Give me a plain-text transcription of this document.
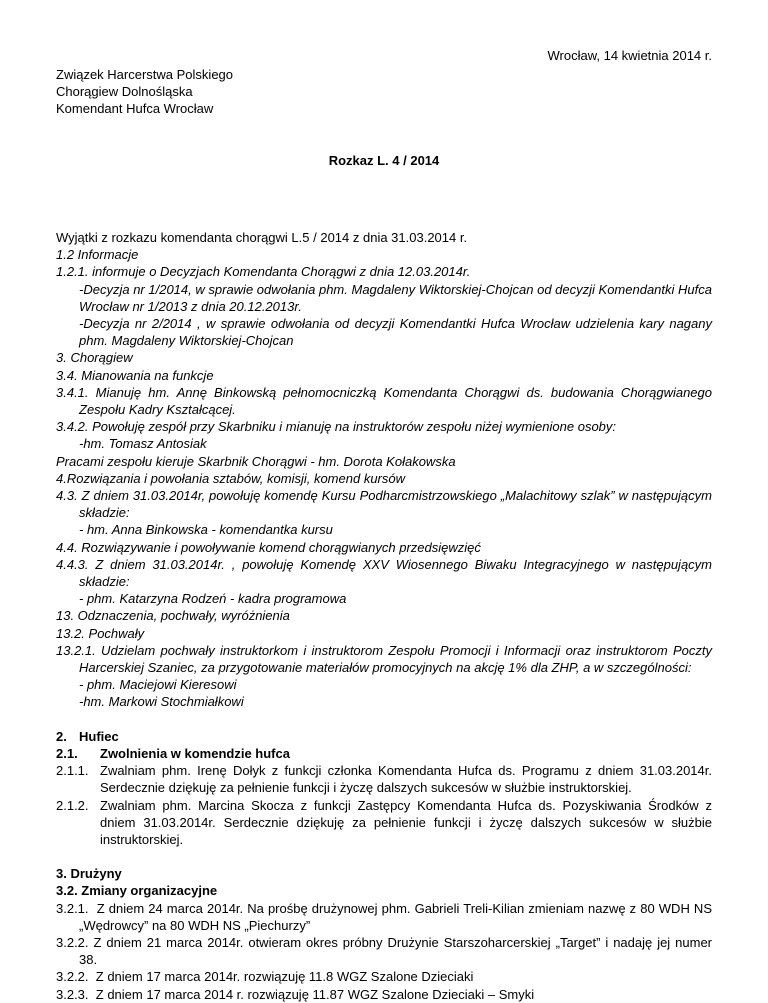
Wrocław, 14 kwietnia 2014 r.
Związek Harcerstwa Polskiego
Chorągiew Dolnośląska
Komendant Hufca Wrocław
Rozkaz L. 4 / 2014

Wyjątki z rozkazu komendanta chorągwi L.5 / 2014 z dnia 31.03.2014 r.

1.2 Informacje

1.2.1. informuje o Decyzjach Komendanta Chorągwi z dnia 12.03.2014r.

-Decyzja nr 1/2014, w sprawie odwołania phm. Magdaleny Wiktorskiej-Chojcan od decyzji Komendantki Hufca Wrocław nr 1/2013 z dnia 20.12.2013r.

-Decyzja nr 2/2014 , w sprawie odwołania od decyzji Komendantki Hufca Wrocław udzielenia kary nagany phm. Magdaleny Wiktorskiej-Chojcan

3. Chorągiew

3.4. Mianowania na funkcje

3.4.1. Mianuję hm. Annę Binkowską pełnomocniczką Komendanta Chorągwi ds. budowania Chorągwianego Zespołu Kadry Kształcącej.

3.4.2. Powołuję zespół przy Skarbniku i mianuję na instruktorów zespołu niżej wymienione osoby:

-hm. Tomasz Antosiak

Pracami zespołu kieruje Skarbnik Chorągwi - hm. Dorota Kołakowska

4.Rozwiązania i powołania sztabów, komisji, komend kursów

4.3. Z dniem 31.03.2014r, powołuję komendę Kursu Podharcmistrzowskiego „Malachitowy szlak” w następującym składzie:

- hm. Anna Binkowska - komendantka kursu

4.4. Rozwiązywanie i powoływanie komend chorągwianych przedsięwzięć

4.4.3. Z dniem 31.03.2014r. , powołuję Komendę XXV Wiosennego Biwaku Integracyjnego w następującym składzie:

- phm. Katarzyna Rodzeń - kadra programowa

13. Odznaczenia, pochwały, wyróżnienia

13.2. Pochwały

13.2.1. Udzielam pochwały instruktorkom i instruktorom Zespołu Promocji i Informacji oraz instruktorom Poczty Harcerskiej Szaniec, za przygotowanie materiałów promocyjnych na akcję 1% dla ZHP, a w szczególności:

- phm. Maciejowi Kieresowi

-hm. Markowi Stochmiałkowi

2. Hufiec

2.1. Zwolnienia w komendzie hufca

2.1.1. Zwalniam phm. Irenę Dołyk z funkcji członka Komendanta Hufca ds. Programu z dniem 31.03.2014r. Serdecznie dziękuję za pełnienie funkcji i życzę dalszych sukcesów w służbie instruktorskiej.

2.1.2. Zwalniam phm. Marcina Skocza z funkcji Zastępcy Komendanta Hufca ds. Pozyskiwania Środków z dniem 31.03.2014r. Serdecznie dziękuję za pełnienie funkcji i życzę dalszych sukcesów w służbie instruktorskiej.

3. Drużyny

3.2. Zmiany organizacyjne

3.2.1. Z dniem 24 marca 2014r. Na prośbę drużynowej phm. Gabrieli Treli-Kilian zmieniam nazwę z 80 WDH NS „Wędrowcy” na 80 WDH NS „Piechurzy”

3.2.2. Z dniem 21 marca 2014r. otwieram okres próbny Drużynie Starszoharcerskiej „Target” i nadaję jej numer 38.

3.2.2. Z dniem 17 marca 2014r. rozwiązuję 11.8 WGZ Szalone Dzieciaki

3.2.3. Z dniem 17 marca 2014 r. rozwiązuję 11.87 WGZ Szalone Dzieciaki – Smyki
